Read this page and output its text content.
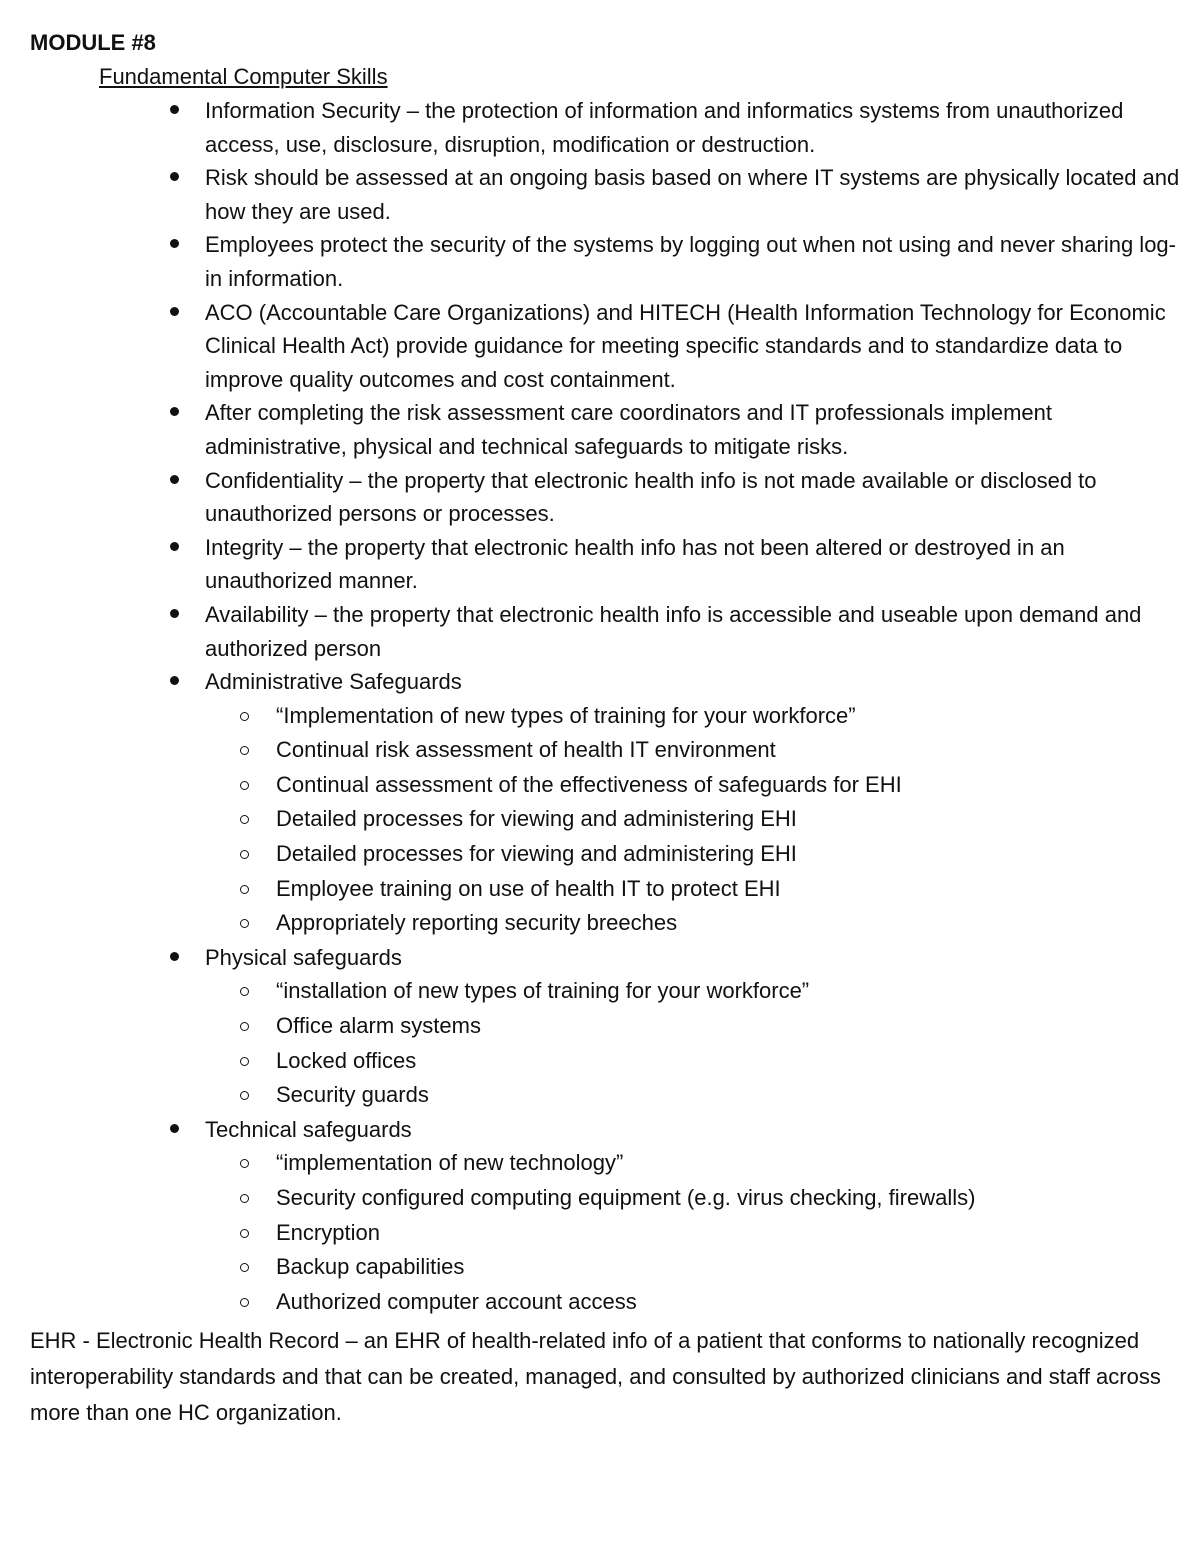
MODULE #8

Fundamental Computer Skills

Information Security – the protection of information and informatics systems from unauthorized access, use, disclosure, disruption, modification or destruction.
Risk should be assessed at an ongoing basis based on where IT systems are physically located and how they are used.
Employees protect the security of the systems by logging out when not using and never sharing log-in information.
ACO (Accountable Care Organizations) and HITECH (Health Information Technology for Economic Clinical Health Act) provide guidance for meeting specific standards and to standardize data to improve quality outcomes and cost containment.
After completing the risk assessment care coordinators and IT professionals implement administrative, physical and technical safeguards to mitigate risks.
Confidentiality – the property that electronic health info is not made available or disclosed to unauthorized persons or processes.
Integrity – the property that electronic health info has not been altered or destroyed in an unauthorized manner.
Availability – the property that electronic health info is accessible and useable upon demand and authorized person
Administrative Safeguards
“Implementation of new types of training for your workforce”
Continual risk assessment of health IT environment
Continual assessment of the effectiveness of safeguards for EHI
Detailed processes for viewing and administering EHI
Detailed processes for viewing and administering EHI
Employee training on use of health IT to protect EHI
Appropriately reporting security breeches
Physical safeguards
“installation of new types of training for your workforce”
Office alarm systems
Locked offices
Security guards
Technical safeguards
“implementation of new technology”
Security configured computing equipment (e.g. virus checking, firewalls)
Encryption
Backup capabilities
Authorized computer account access

EHR - Electronic Health Record – an EHR of health-related info of a patient that conforms to nationally recognized interoperability standards and that can be created, managed, and consulted by authorized clinicians and staff across more than one HC organization.
